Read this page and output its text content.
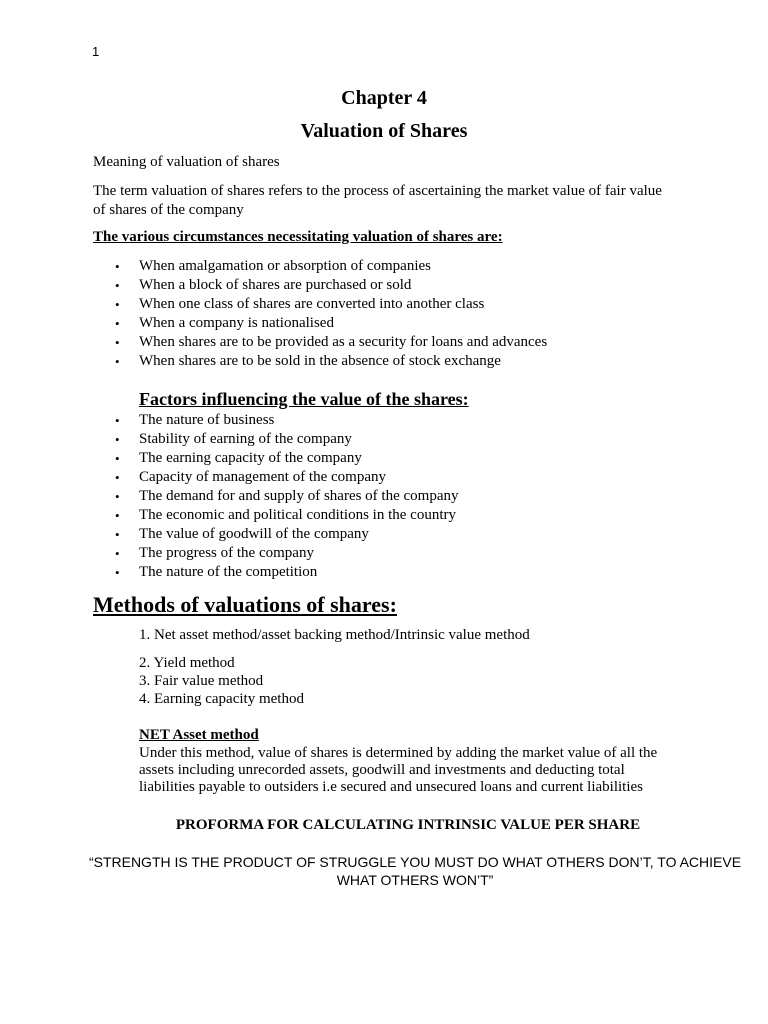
1
Chapter 4
Valuation of Shares
Meaning of valuation of shares
The term valuation of shares refers to the process of ascertaining the market value of fair value of shares of the company
The various circumstances necessitating valuation of shares are:
• When amalgamation or absorption of companies
• When a block of shares are purchased or sold
• When one class of shares are converted into another class
• When a company is nationalised
• When shares are to be provided as a security for loans and advances
• When shares are to be sold in the absence of stock exchange
Factors influencing the value of the shares:
• The nature of business
• Stability of earning of the company
• The earning capacity of the company
• Capacity of management of the company
• The demand for and supply of shares of the company
• The economic and political conditions in the country
• The value of goodwill of the company
• The progress of the company
• The nature of the competition
Methods of valuations of shares:
1. Net asset method/asset backing method/Intrinsic value method
2. Yield method
3. Fair value method
4. Earning capacity method
NET Asset method
Under this method, value of shares is determined by adding the market value of all the assets including unrecorded assets, goodwill and investments and deducting total liabilities payable to outsiders i.e secured and unsecured loans and current liabilities
PROFORMA FOR CALCULATING INTRINSIC VALUE PER SHARE
“STRENGTH IS THE PRODUCT OF STRUGGLE YOU MUST DO WHAT OTHERS DON’T, TO ACHIEVE WHAT OTHERS WON’T”
